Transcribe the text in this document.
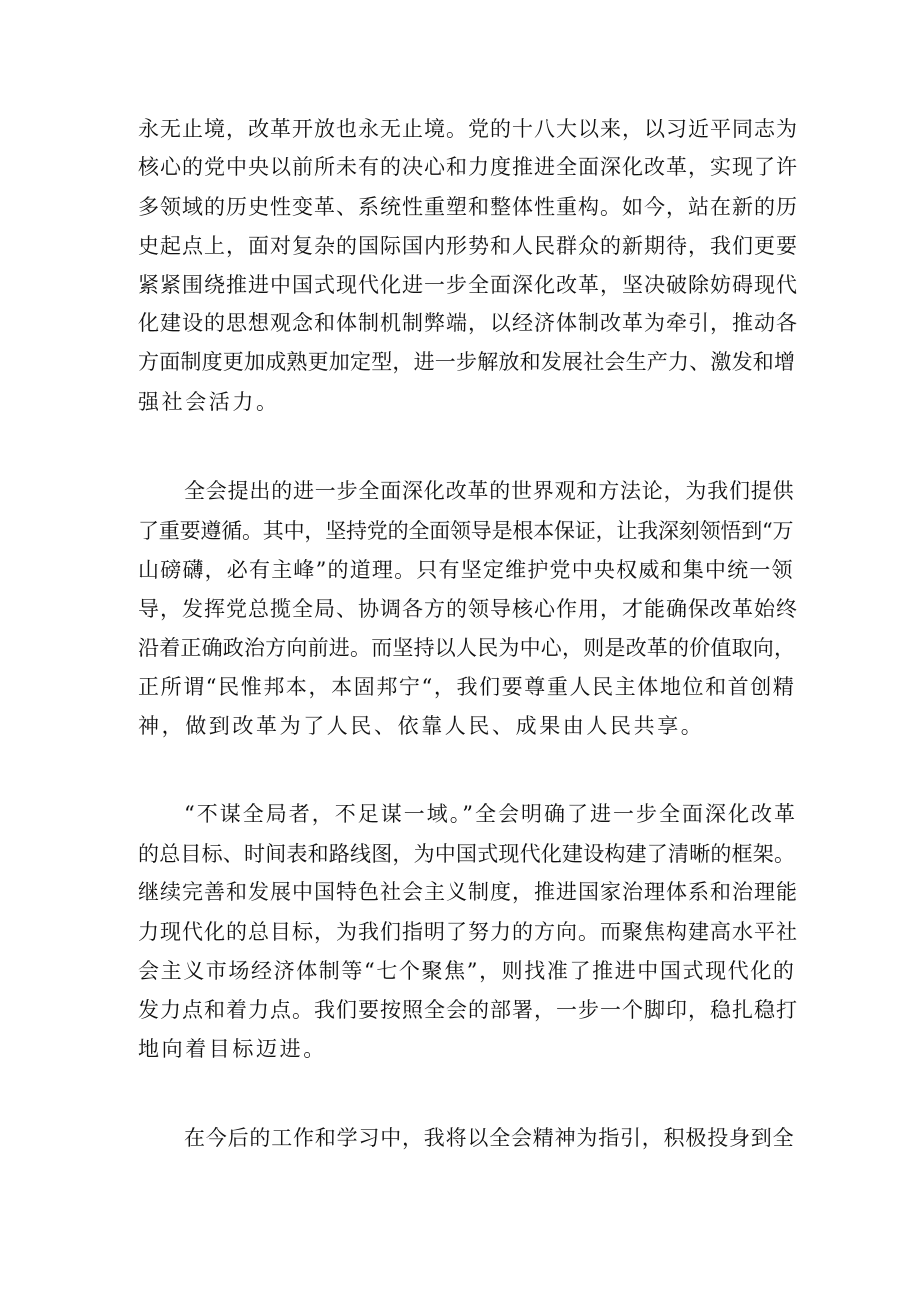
永无止境，改革开放也永无止境。党的十八大以来，以习近平同志为
核心的党中央以前所未有的决心和力度推进全面深化改革，实现了许
多领域的历史性变革、系统性重塑和整体性重构。如今，站在新的历
史起点上，面对复杂的国际国内形势和人民群众的新期待，我们更要
紧紧围绕推进中国式现代化进一步全面深化改革，坚决破除妨碍现代
化建设的思想观念和体制机制弊端，以经济体制改革为牵引，推动各
方面制度更加成熟更加定型，进一步解放和发展社会生产力、激发和增
强社会活力。
全会提出的进一步全面深化改革的世界观和方法论，为我们提供
了重要遵循。其中，坚持党的全面领导是根本保证，让我深刻领悟到“万
山磅礴，必有主峰”的道理。只有坚定维护党中央权威和集中统一领
导，发挥党总揽全局、协调各方的领导核心作用，才能确保改革始终
沿着正确政治方向前进。而坚持以人民为中心，则是改革的价值取向，
正所谓“民惟邦本，本固邦宁“，我们要尊重人民主体地位和首创精
神，做到改革为了人民、依靠人民、成果由人民共享。
“不谋全局者，不足谋一域。”全会明确了进一步全面深化改革
的总目标、时间表和路线图，为中国式现代化建设构建了清晰的框架。
继续完善和发展中国特色社会主义制度，推进国家治理体系和治理能
力现代化的总目标，为我们指明了努力的方向。而聚焦构建高水平社
会主义市场经济体制等“七个聚焦”，则找准了推进中国式现代化的
发力点和着力点。我们要按照全会的部署，一步一个脚印，稳扎稳打
地向着目标迈进。
在今后的工作和学习中，我将以全会精神为指引，积极投身到全
